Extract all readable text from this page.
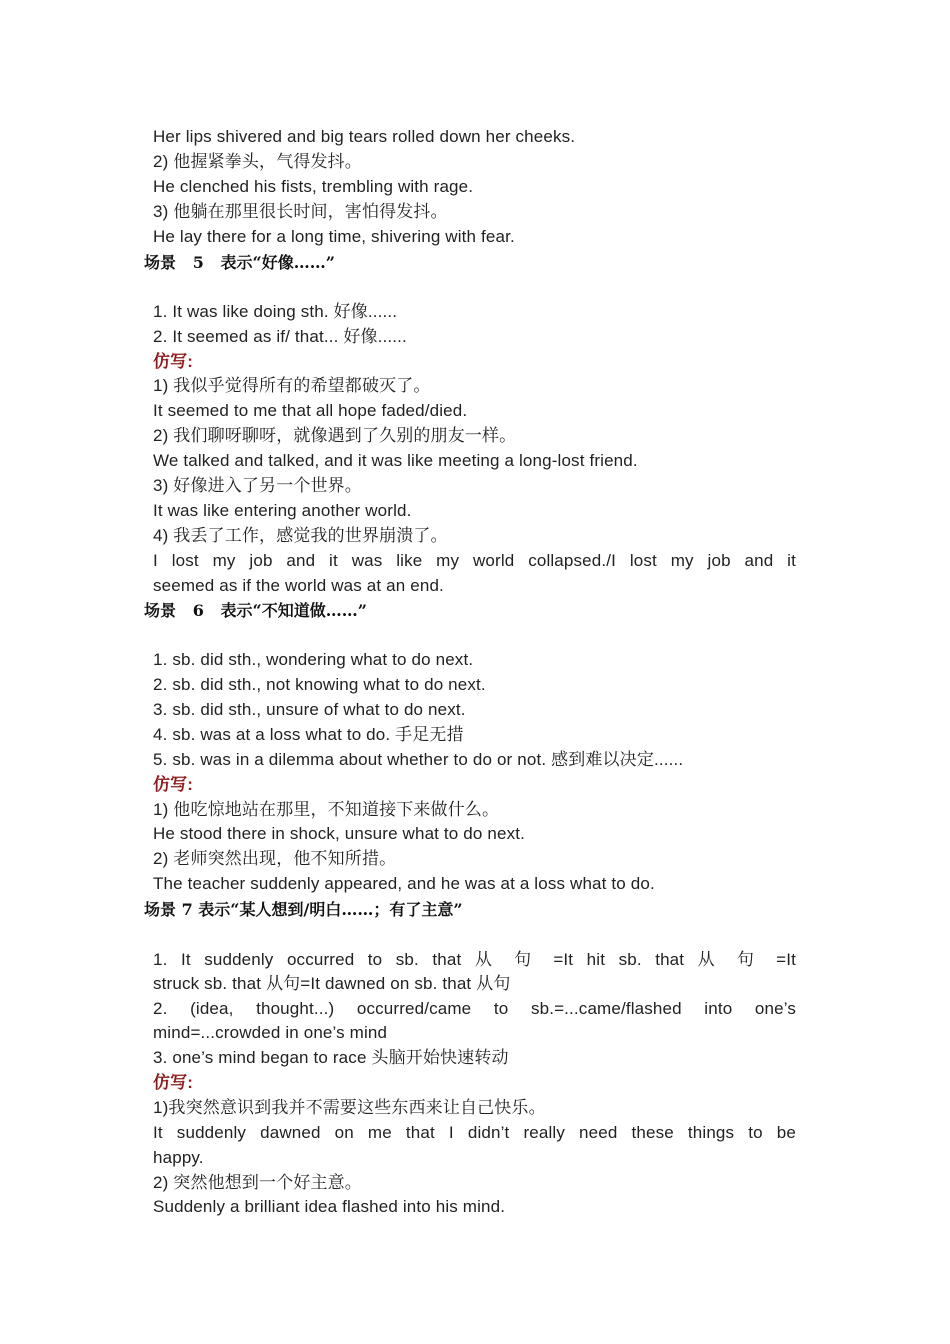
Her lips shivered and big tears rolled down her cheeks.
2) 他握紧拳头，气得发抖。
He clenched his fists, trembling with rage.
3) 他躺在那里很长时间，害怕得发抖。
He lay there for a long time, shivering with fear.
场景   5   表示“好像……”
1. It was like doing sth. 好像......
2. It seemed as if/ that... 好像......
仿写:
1) 我似乎觉得所有的希望都破灭了。
It seemed to me that all hope faded/died.
2) 我们聊呀聊呀，就像遇到了久别的朋友一样。
We talked and talked, and it was like meeting a long-lost friend.
3) 好像进入了另一个世界。
It was like entering another world.
4) 我丢了工作，感觉我的世界崩溃了。
I lost my job and it was like my world collapsed./I lost my job and it
seemed as if the world was at an end.
场景   6   表示“不知道做……”
1. sb. did sth., wondering what to do next.
2. sb. did sth., not knowing what to do next.
3. sb. did sth., unsure of what to do next.
4. sb. was at a loss what to do. 手足无措
5. sb. was in a dilemma about whether to do or not. 感到难以决定......
仿写:
1) 他吃惊地站在那里，不知道接下来做什么。
He stood there in shock, unsure what to do next.
2) 老师突然出现，他不知所措。
The teacher suddenly appeared, and he was at a loss what to do.
场景 7 表示“某人想到/明白……；有了主意”
1. It suddenly occurred to sb. that 从 句 =It hit sb. that 从 句 =It
struck sb. that 从句=It dawned on sb. that 从句
2. (idea, thought...) occurred/came to sb.=...came/flashed into one’s
mind=...crowded in one’s mind
3. one’s mind began to race 头脑开始快速转动
仿写:
1)我突然意识到我并不需要这些东西来让自己快乐。
It suddenly dawned on me that I didn’t really need these things to be
happy.
2) 突然他想到一个好主意。
Suddenly a brilliant idea flashed into his mind.
